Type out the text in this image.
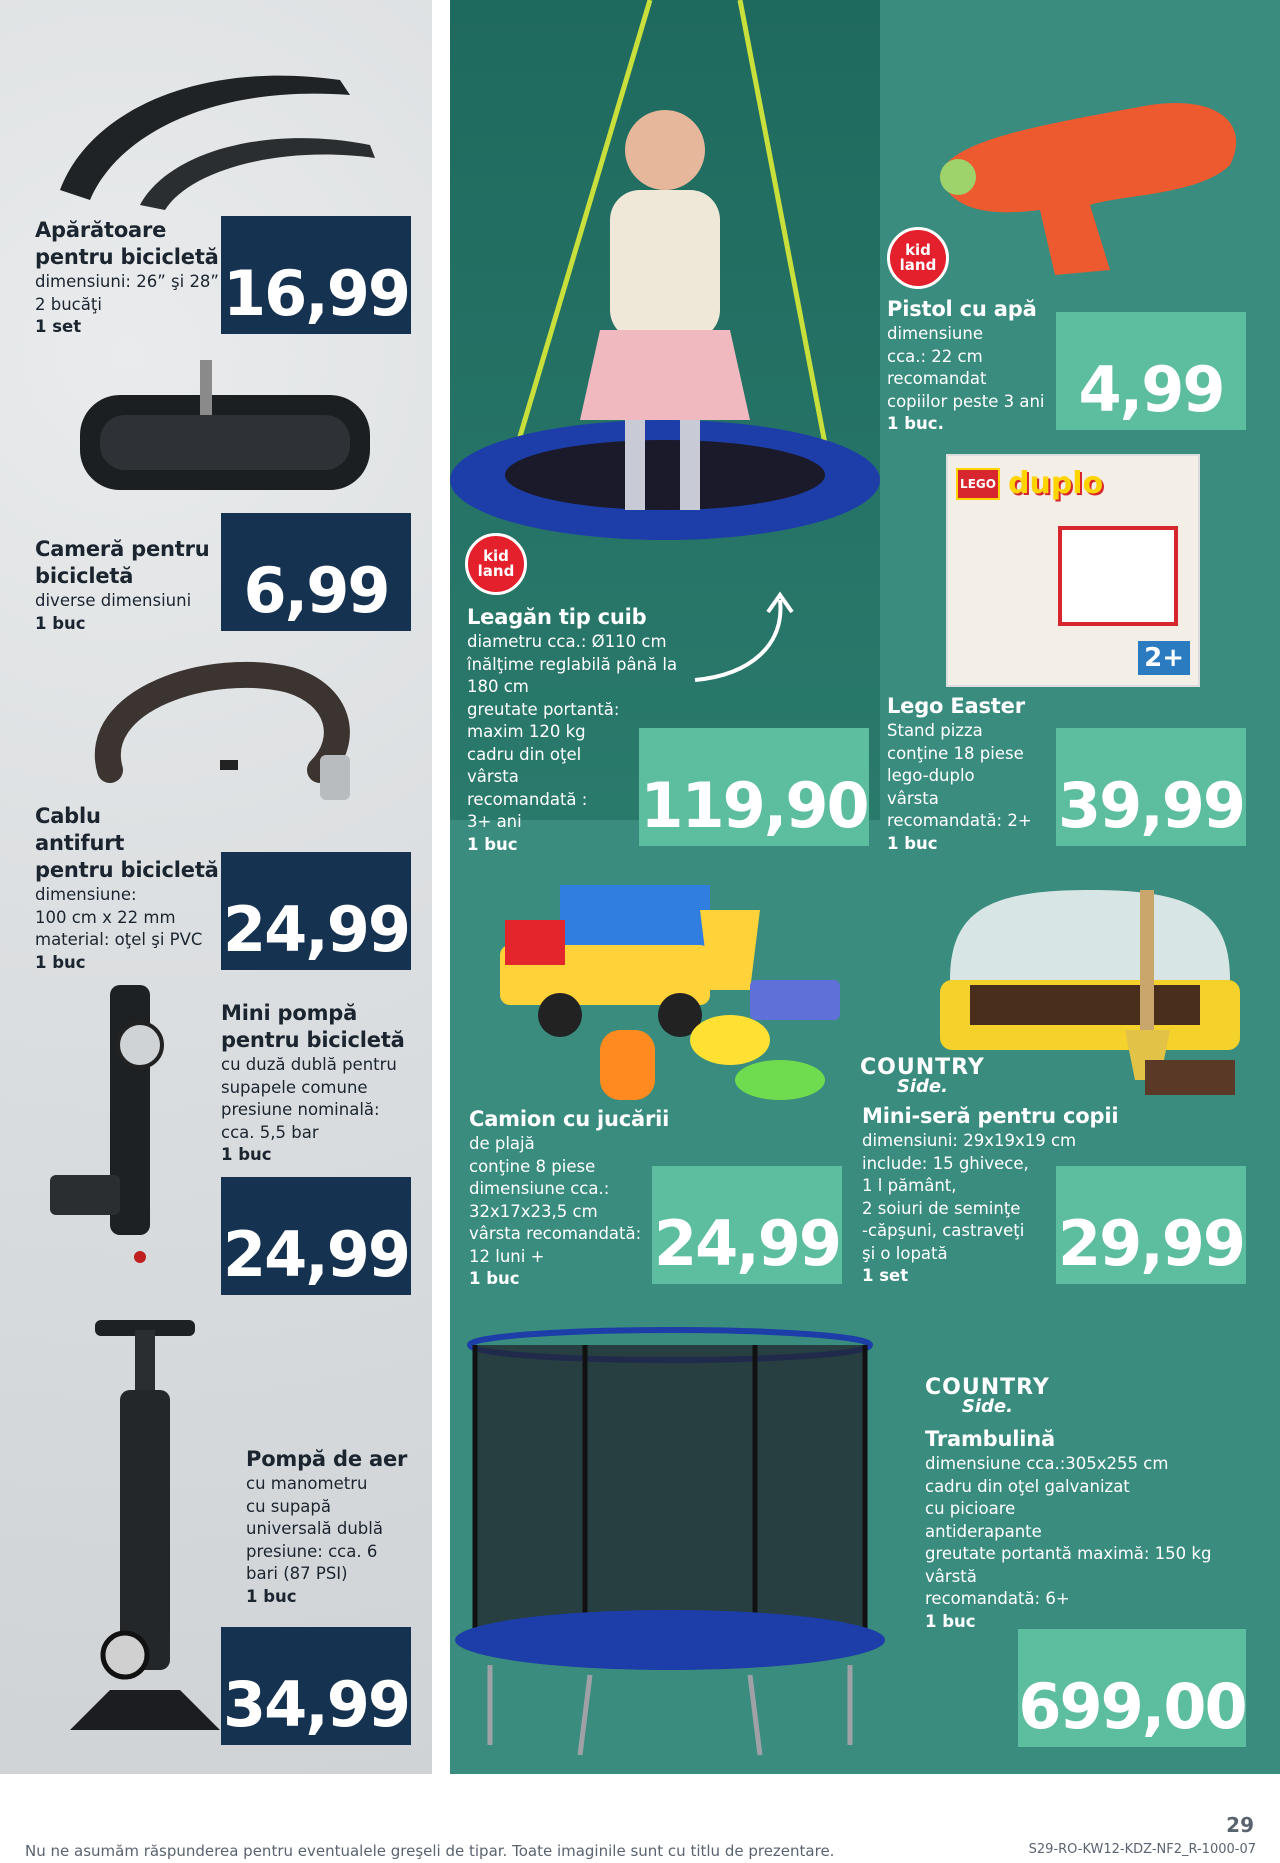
Apărătoare
pentru bicicletă
dimensiuni: 26” şi 28”
2 bucăţi
1 set	16,99
Cameră pentru
bicicletă
diverse dimensiuni
1 buc	6,99
Cablu
antifurt
pentru bicicletă
dimensiune:
100 cm x 22 mm
material: oţel şi PVC
1 buc	24,99
Mini pompă
pentru bicicletă
cu duză dublă pentru
supapele comune
presiune nominală:
cca. 5,5 bar
1 buc
24,99
Pompă de aer
cu manometru
cu supapă
universală dublă
presiune: cca. 6
bari (87 PSI)
1 buc
34,99
kid land
Leagăn tip cuib
diametru cca.: Ø110 cm
înălţime reglabilă până la
180 cm
greutate portantă:
maxim 120 kg
cadru din oţel
vârsta
recomandată :
3+ ani
1 buc
119,90
kid land
Pistol cu apă
dimensiune
cca.: 22 cm
recomandat
copiilor peste 3 ani
1 buc.	4,99
LEGO duplo
2+
Lego Easter
Stand pizza
conţine 18 piese
lego-duplo
vârsta
recomandată: 2+
1 buc
39,99
Camion cu jucării
de plajă
conţine 8 piese
dimensiune cca.:
32x17x23,5 cm
vârsta recomandată:
12 luni +
1 buc	24,99
COUNTRY
Side.
Mini-seră pentru copii
dimensiuni: 29x19x19 cm
include: 15 ghivece,
1 l pământ,
2 soiuri de seminţe
-căpşuni, castraveţi
şi o lopată
1 set	29,99
COUNTRY
Side.
Trambulină
dimensiune cca.:305x255 cm
cadru din oţel galvanizat
cu picioare
antiderapante
greutate portantă maximă: 150 kg
vârstă
recomandată: 6+
1 buc
699,00
29
Nu ne asumăm răspunderea pentru eventualele greşeli de tipar. Toate imaginile sunt cu titlu de prezentare.	S29-RO-KW12-KDZ-NF2_R-1000-07
